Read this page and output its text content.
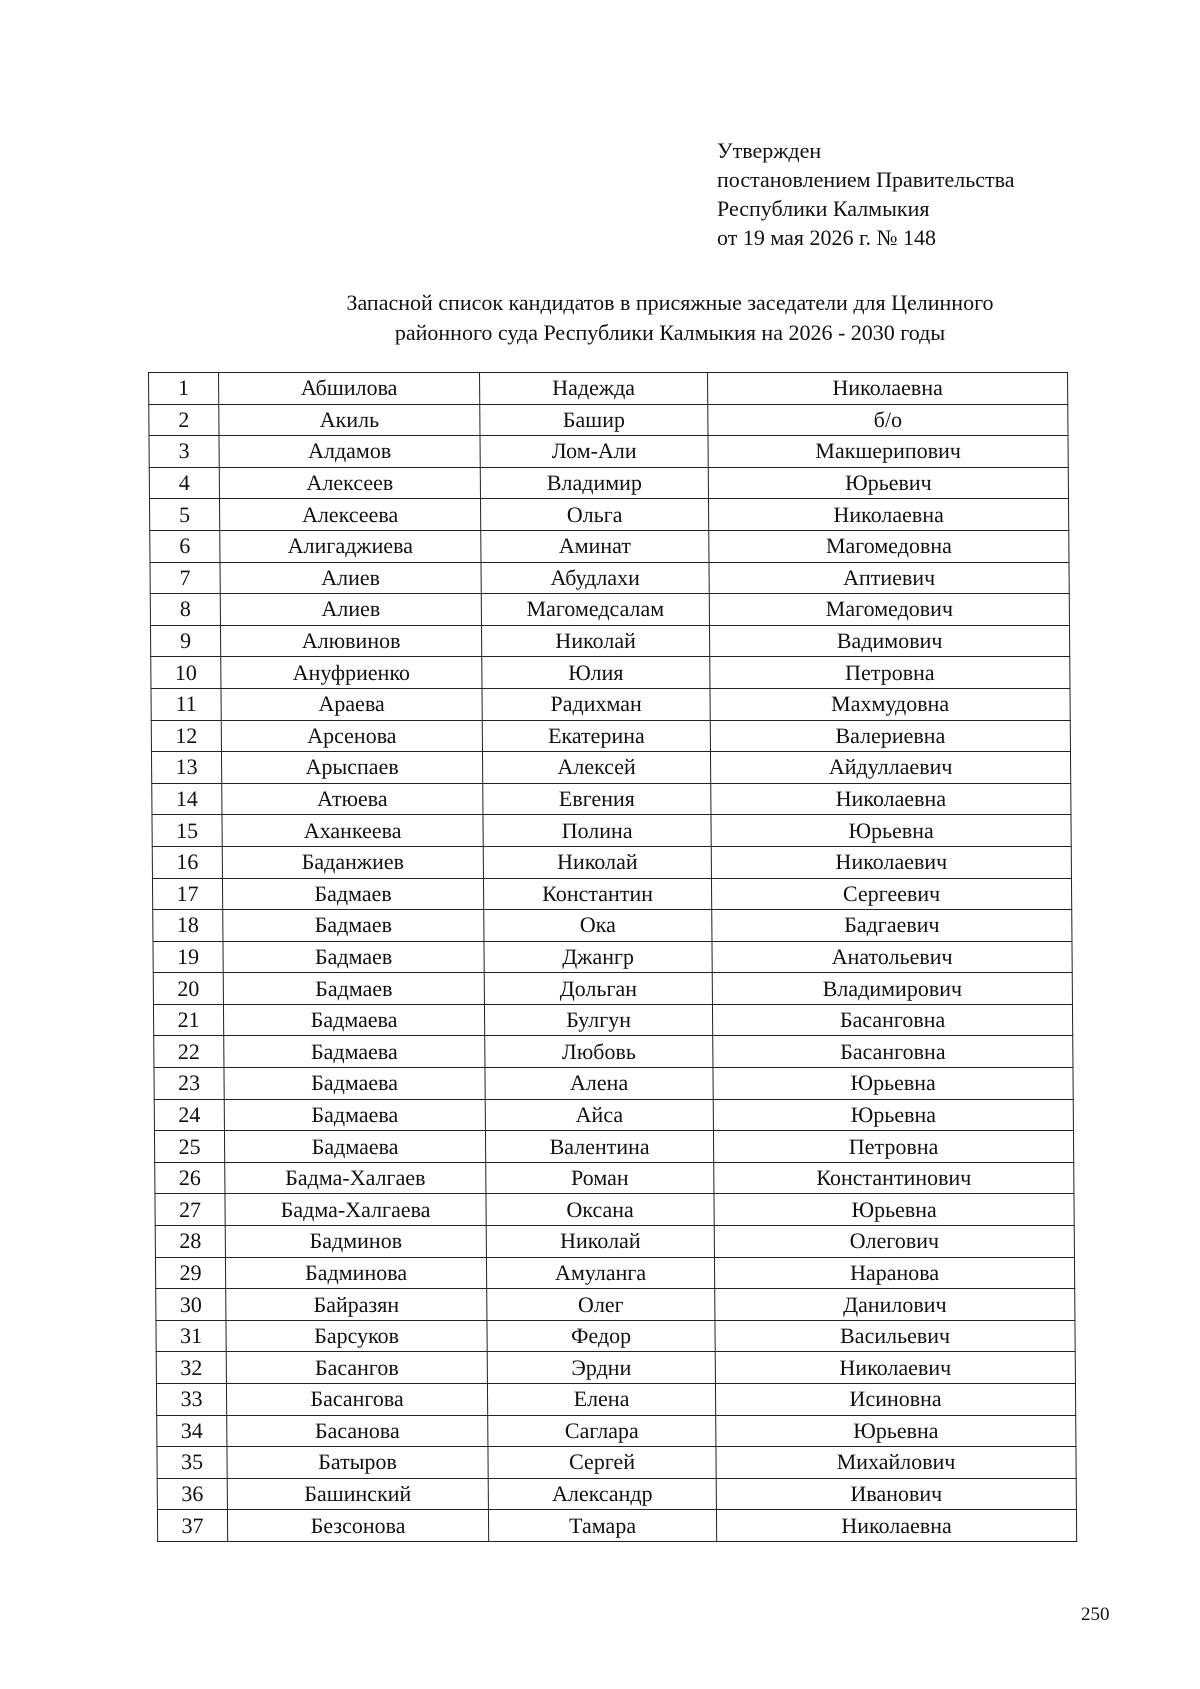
Утвержден
постановлением Правительства
Республики Калмыкия
от 19 мая 2026 г. № 148
Запасной список кандидатов в присяжные заседатели для Целинного
районного суда Республики Калмыкия на 2026 - 2030 годы
1	Абшилова	Надежда	Николаевна
2	Акиль	Башир	б/о
3	Алдамов	Лом-Али	Макшерипович
4	Алексеев	Владимир	Юрьевич
5	Алексеева	Ольга	Николаевна
6	Алигаджиева	Аминат	Магомедовна
7	Алиев	Абудлахи	Аптиевич
8	Алиев	Магомедсалам	Магомедович
9	Алювинов	Николай	Вадимович
10	Ануфриенко	Юлия	Петровна
11	Араева	Радихман	Махмудовна
12	Арсенова	Екатерина	Валериевна
13	Арыспаев	Алексей	Айдуллаевич
14	Атюева	Евгения	Николаевна
15	Аханкеева	Полина	Юрьевна
16	Баданжиев	Николай	Николаевич
17	Бадмаев	Константин	Сергеевич
18	Бадмаев	Ока	Бадгаевич
19	Бадмаев	Джангр	Анатольевич
20	Бадмаев	Дольган	Владимирович
21	Бадмаева	Булгун	Басанговна
22	Бадмаева	Любовь	Басанговна
23	Бадмаева	Алена	Юрьевна
24	Бадмаева	Айса	Юрьевна
25	Бадмаева	Валентина	Петровна
26	Бадма-Халгаев	Роман	Константинович
27	Бадма-Халгаева	Оксана	Юрьевна
28	Бадминов	Николай	Олегович
29	Бадминова	Амуланга	Наранова
30	Байразян	Олег	Данилович
31	Барсуков	Федор	Васильевич
32	Басангов	Эрдни	Николаевич
33	Басангова	Елена	Исиновна
34	Басанова	Саглара	Юрьевна
35	Батыров	Сергей	Михайлович
36	Башинский	Александр	Иванович
37	Безсонова	Тамара	Николаевна
250
